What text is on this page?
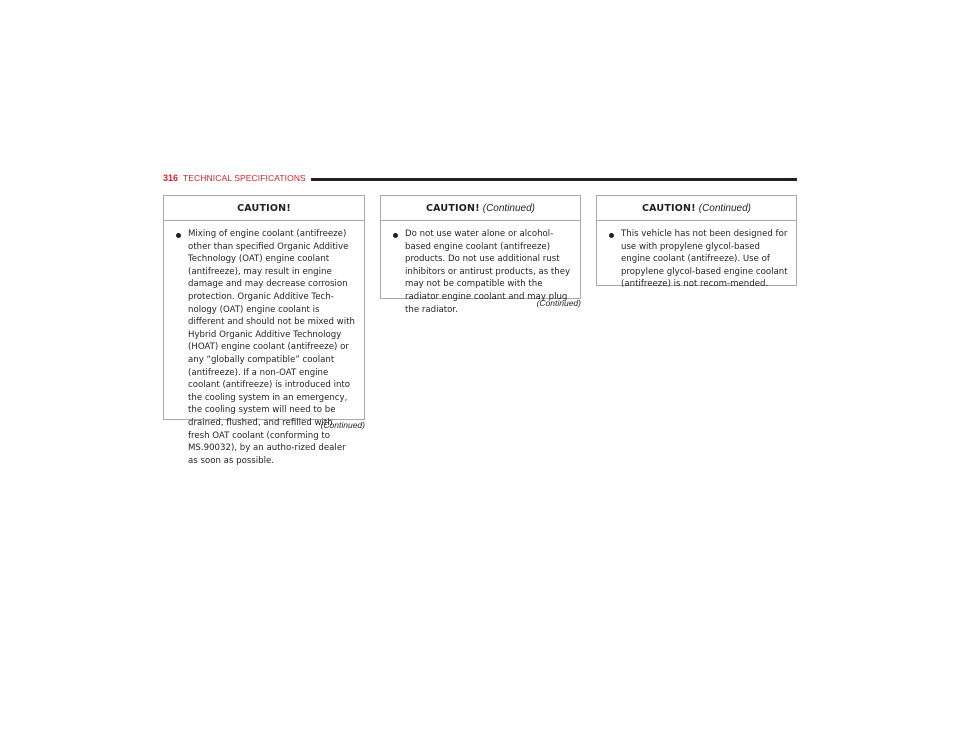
316 TECHNICAL SPECIFICATIONS
CAUTION!

Mixing of engine coolant (antifreeze) other than specified Organic Additive Technology (OAT) engine coolant (antifreeze), may result in engine damage and may decrease corrosion protection. Organic Additive Tech-nology (OAT) engine coolant is different and should not be mixed with Hybrid Organic Additive Technology (HOAT) engine coolant (antifreeze) or any “globally compatible” coolant (antifreeze). If a non-OAT engine coolant (antifreeze) is introduced into the cooling system in an emergency, the cooling system will need to be drained, flushed, and refilled with fresh OAT coolant (conforming to MS.90032), by an autho-rized dealer as soon as possible.

(Continued)
CAUTION! (Continued)

Do not use water alone or alcohol-based engine coolant (antifreeze) products. Do not use additional rust inhibitors or antirust products, as they may not be compatible with the radiator engine coolant and may plug the radiator.

(Continued)
CAUTION! (Continued)

This vehicle has not been designed for use with propylene glycol-based engine coolant (antifreeze). Use of propylene glycol-based engine coolant (antifreeze) is not recom-mended.
